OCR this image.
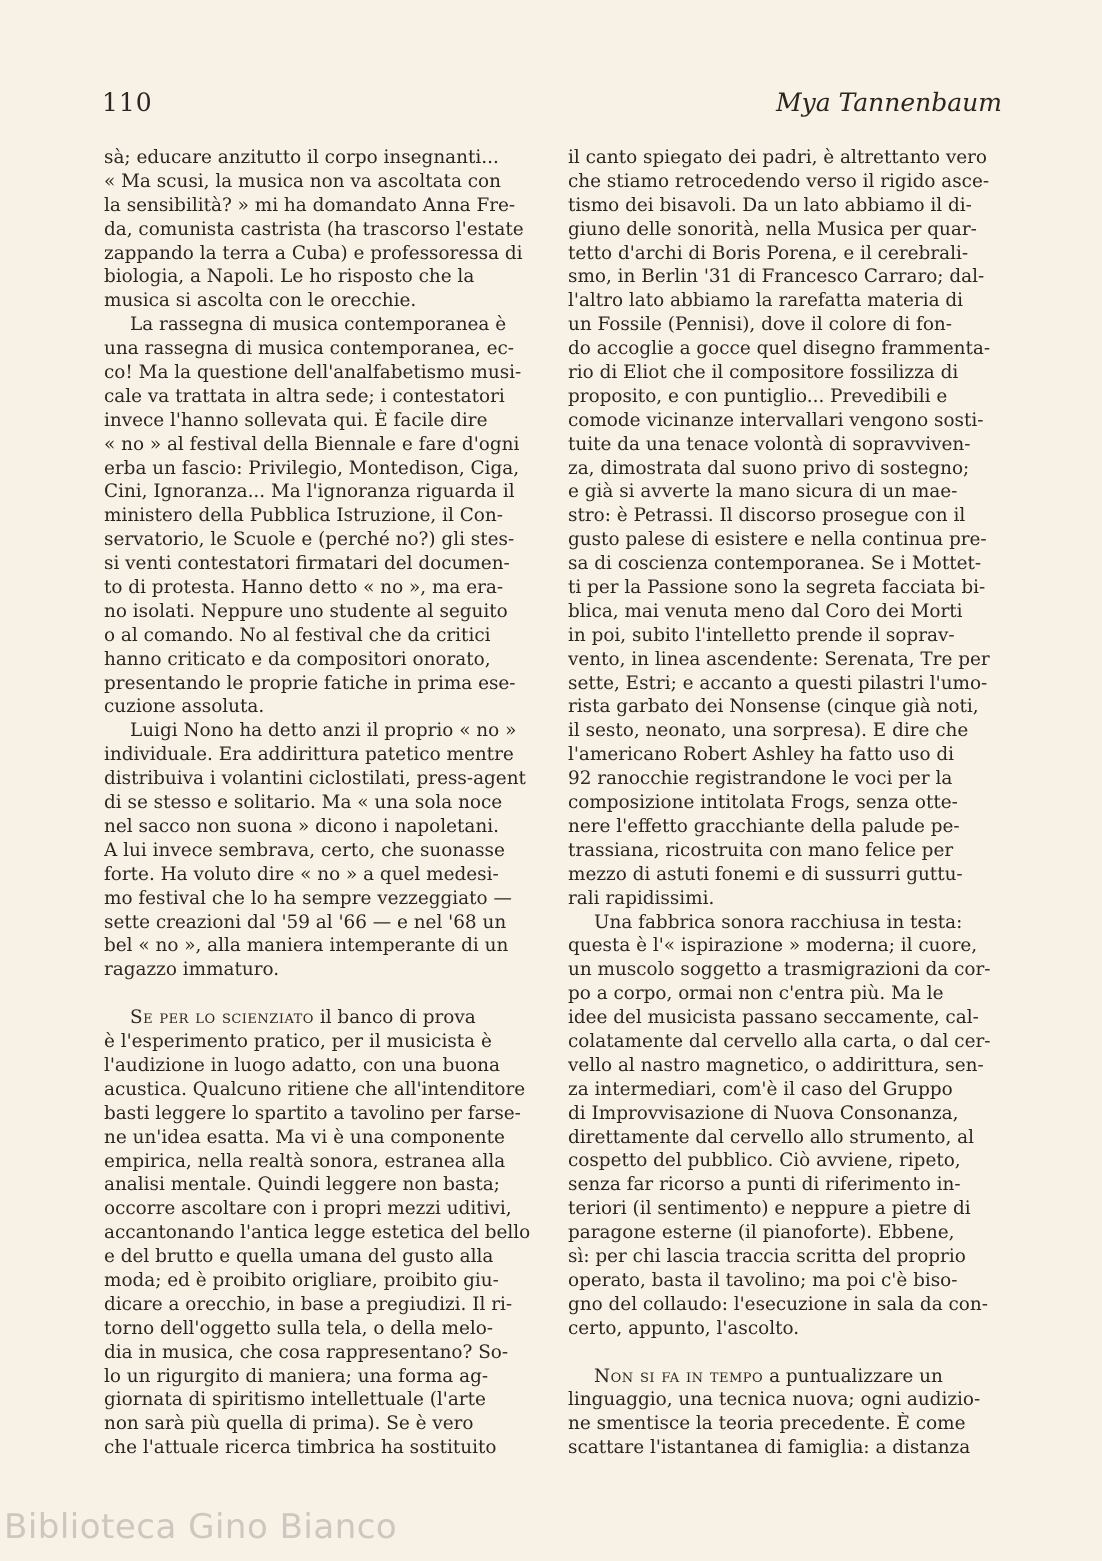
110	Mya Tannenbaum
sà; educare anzitutto il corpo insegnanti...
« Ma scusi, la musica non va ascoltata con
la sensibilità? » mi ha domandato Anna Fre-
da, comunista castrista (ha trascorso l'estate
zappando la terra a Cuba) e professoressa di
biologia, a Napoli. Le ho risposto che la
musica si ascolta con le orecchie.
La rassegna di musica contemporanea è
una rassegna di musica contemporanea, ec-
co! Ma la questione dell'analfabetismo musi-
cale va trattata in altra sede; i contestatori
invece l'hanno sollevata qui. È facile dire
« no » al festival della Biennale e fare d'ogni
erba un fascio: Privilegio, Montedison, Ciga,
Cini, Ignoranza... Ma l'ignoranza riguarda il
ministero della Pubblica Istruzione, il Con-
servatorio, le Scuole e (perché no?) gli stes-
si venti contestatori firmatari del documen-
to di protesta. Hanno detto « no », ma era-
no isolati. Neppure uno studente al seguito
o al comando. No al festival che da critici
hanno criticato e da compositori onorato,
presentando le proprie fatiche in prima ese-
cuzione assoluta.
Luigi Nono ha detto anzi il proprio « no »
individuale. Era addirittura patetico mentre
distribuiva i volantini ciclostilati, press-agent
di se stesso e solitario. Ma « una sola noce
nel sacco non suona » dicono i napoletani.
A lui invece sembrava, certo, che suonasse
forte. Ha voluto dire « no » a quel medesi-
mo festival che lo ha sempre vezzeggiato —
sette creazioni dal '59 al '66 — e nel '68 un
bel « no », alla maniera intemperante di un
ragazzo immaturo.
Se per lo scienziato il banco di prova
è l'esperimento pratico, per il musicista è
l'audizione in luogo adatto, con una buona
acustica. Qualcuno ritiene che all'intenditore
basti leggere lo spartito a tavolino per farse-
ne un'idea esatta. Ma vi è una componente
empirica, nella realtà sonora, estranea alla
analisi mentale. Quindi leggere non basta;
occorre ascoltare con i propri mezzi uditivi,
accantonando l'antica legge estetica del bello
e del brutto e quella umana del gusto alla
moda; ed è proibito origliare, proibito giu-
dicare a orecchio, in base a pregiudizi. Il ri-
torno dell'oggetto sulla tela, o della melo-
dia in musica, che cosa rappresentano? So-
lo un rigurgito di maniera; una forma ag-
giornata di spiritismo intellettuale (l'arte
non sarà più quella di prima). Se è vero
che l'attuale ricerca timbrica ha sostituito
il canto spiegato dei padri, è altrettanto vero
che stiamo retrocedendo verso il rigido asce-
tismo dei bisavoli. Da un lato abbiamo il di-
giuno delle sonorità, nella Musica per quar-
tetto d'archi di Boris Porena, e il cerebrali-
smo, in Berlin '31 di Francesco Carraro; dal-
l'altro lato abbiamo la rarefatta materia di
un Fossile (Pennisi), dove il colore di fon-
do accoglie a gocce quel disegno frammenta-
rio di Eliot che il compositore fossilizza di
proposito, e con puntiglio... Prevedibili e
comode vicinanze intervallari vengono sosti-
tuite da una tenace volontà di sopravviven-
za, dimostrata dal suono privo di sostegno;
e già si avverte la mano sicura di un mae-
stro: è Petrassi. Il discorso prosegue con il
gusto palese di esistere e nella continua pre-
sa di coscienza contemporanea. Se i Mottet-
ti per la Passione sono la segreta facciata bi-
blica, mai venuta meno dal Coro dei Morti
in poi, subito l'intelletto prende il soprav-
vento, in linea ascendente: Serenata, Tre per
sette, Estri; e accanto a questi pilastri l'umo-
rista garbato dei Nonsense (cinque già noti,
il sesto, neonato, una sorpresa). E dire che
l'americano Robert Ashley ha fatto uso di
92 ranocchie registrandone le voci per la
composizione intitolata Frogs, senza otte-
nere l'effetto gracchiante della palude pe-
trassiana, ricostruita con mano felice per
mezzo di astuti fonemi e di sussurri guttu-
rali rapidissimi.
Una fabbrica sonora racchiusa in testa:
questa è l'« ispirazione » moderna; il cuore,
un muscolo soggetto a trasmigrazioni da cor-
po a corpo, ormai non c'entra più. Ma le
idee del musicista passano seccamente, cal-
colatamente dal cervello alla carta, o dal cer-
vello al nastro magnetico, o addirittura, sen-
za intermediari, com'è il caso del Gruppo
di Improvvisazione di Nuova Consonanza,
direttamente dal cervello allo strumento, al
cospetto del pubblico. Ciò avviene, ripeto,
senza far ricorso a punti di riferimento in-
teriori (il sentimento) e neppure a pietre di
paragone esterne (il pianoforte). Ebbene,
sì: per chi lascia traccia scritta del proprio
operato, basta il tavolino; ma poi c'è biso-
gno del collaudo: l'esecuzione in sala da con-
certo, appunto, l'ascolto.
Non si fa in tempo a puntualizzare un
linguaggio, una tecnica nuova; ogni audizio-
ne smentisce la teoria precedente. È come
scattare l'istantanea di famiglia: a distanza
Biblioteca Gino Bianco
